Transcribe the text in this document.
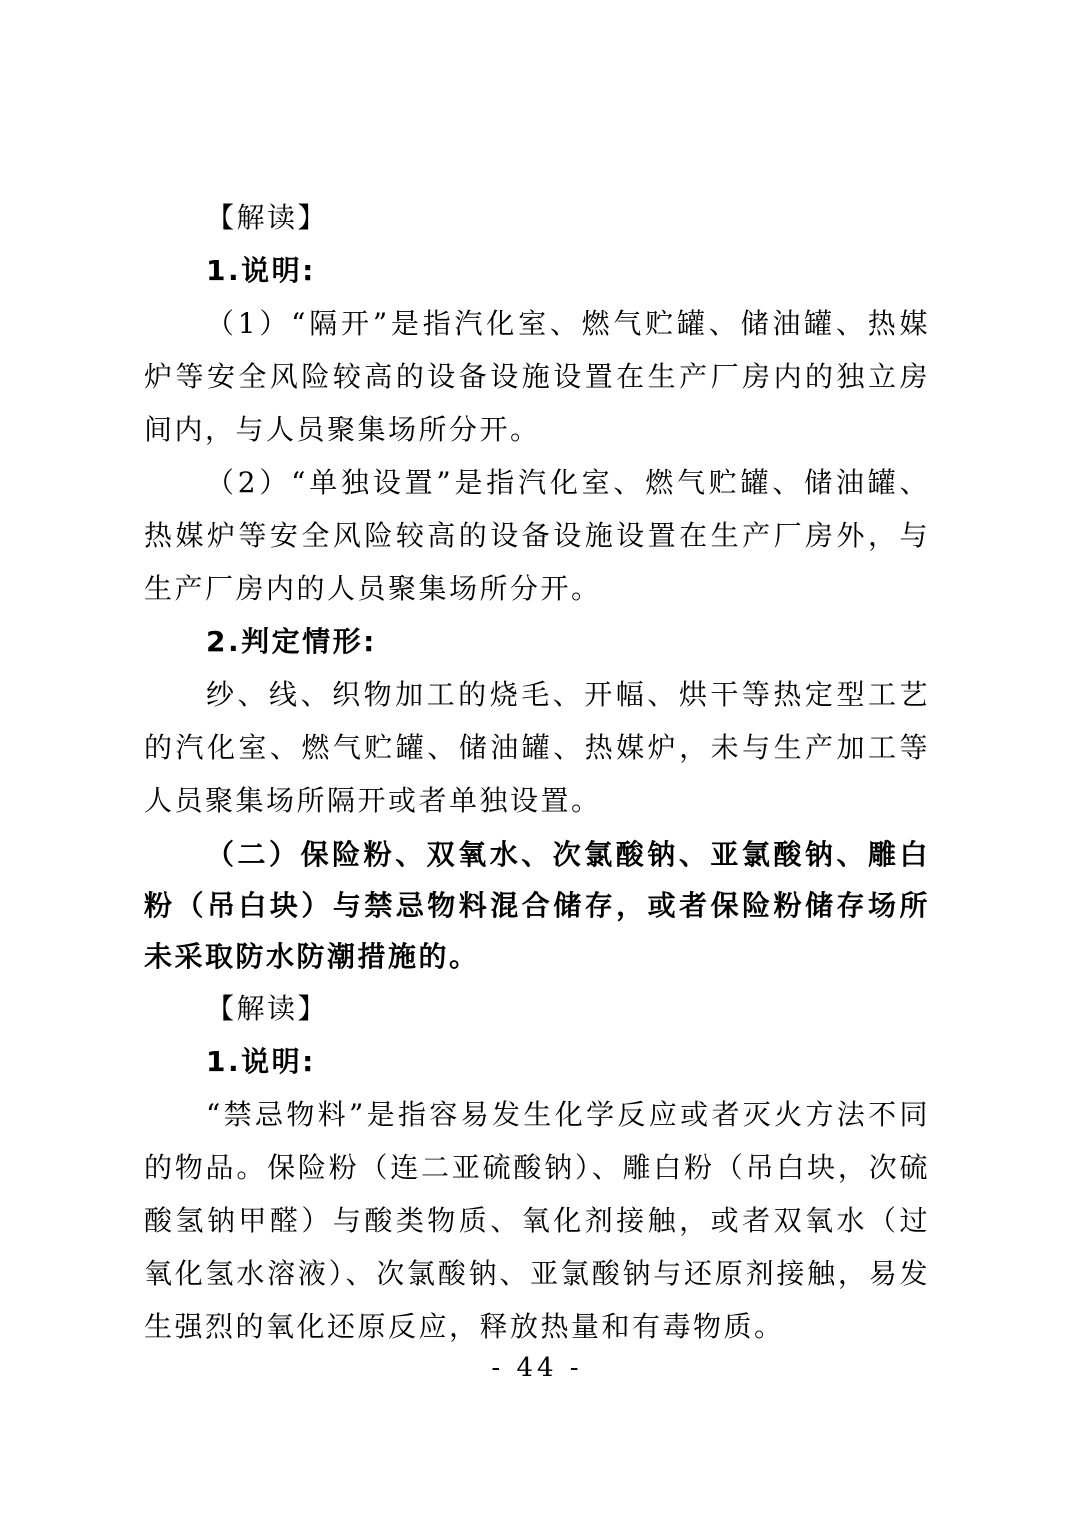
【解读】

1.说明:

（1）“隔开”是指汽化室、燃气贮罐、储油罐、热媒炉等安全风险较高的设备设施设置在生产厂房内的独立房间内，与人员聚集场所分开。

（2）“单独设置”是指汽化室、燃气贮罐、储油罐、热媒炉等安全风险较高的设备设施设置在生产厂房外，与生产厂房内的人员聚集场所分开。

2.判定情形:

纱、线、织物加工的烧毛、开幅、烘干等热定型工艺的汽化室、燃气贮罐、储油罐、热媒炉，未与生产加工等人员聚集场所隔开或者单独设置。

（二）保险粉、双氧水、次氯酸钠、亚氯酸钠、雕白粉（吊白块）与禁忌物料混合储存，或者保险粉储存场所未采取防水防潮措施的。

【解读】

1.说明:

“禁忌物料”是指容易发生化学反应或者灭火方法不同的物品。保险粉（连二亚硫酸钠）、雕白粉（吊白块，次硫酸氢钠甲醛）与酸类物质、氧化剂接触，或者双氧水（过氧化氢水溶液）、次氯酸钠、亚氯酸钠与还原剂接触，易发生强烈的氧化还原反应，释放热量和有毒物质。

- 44 -
